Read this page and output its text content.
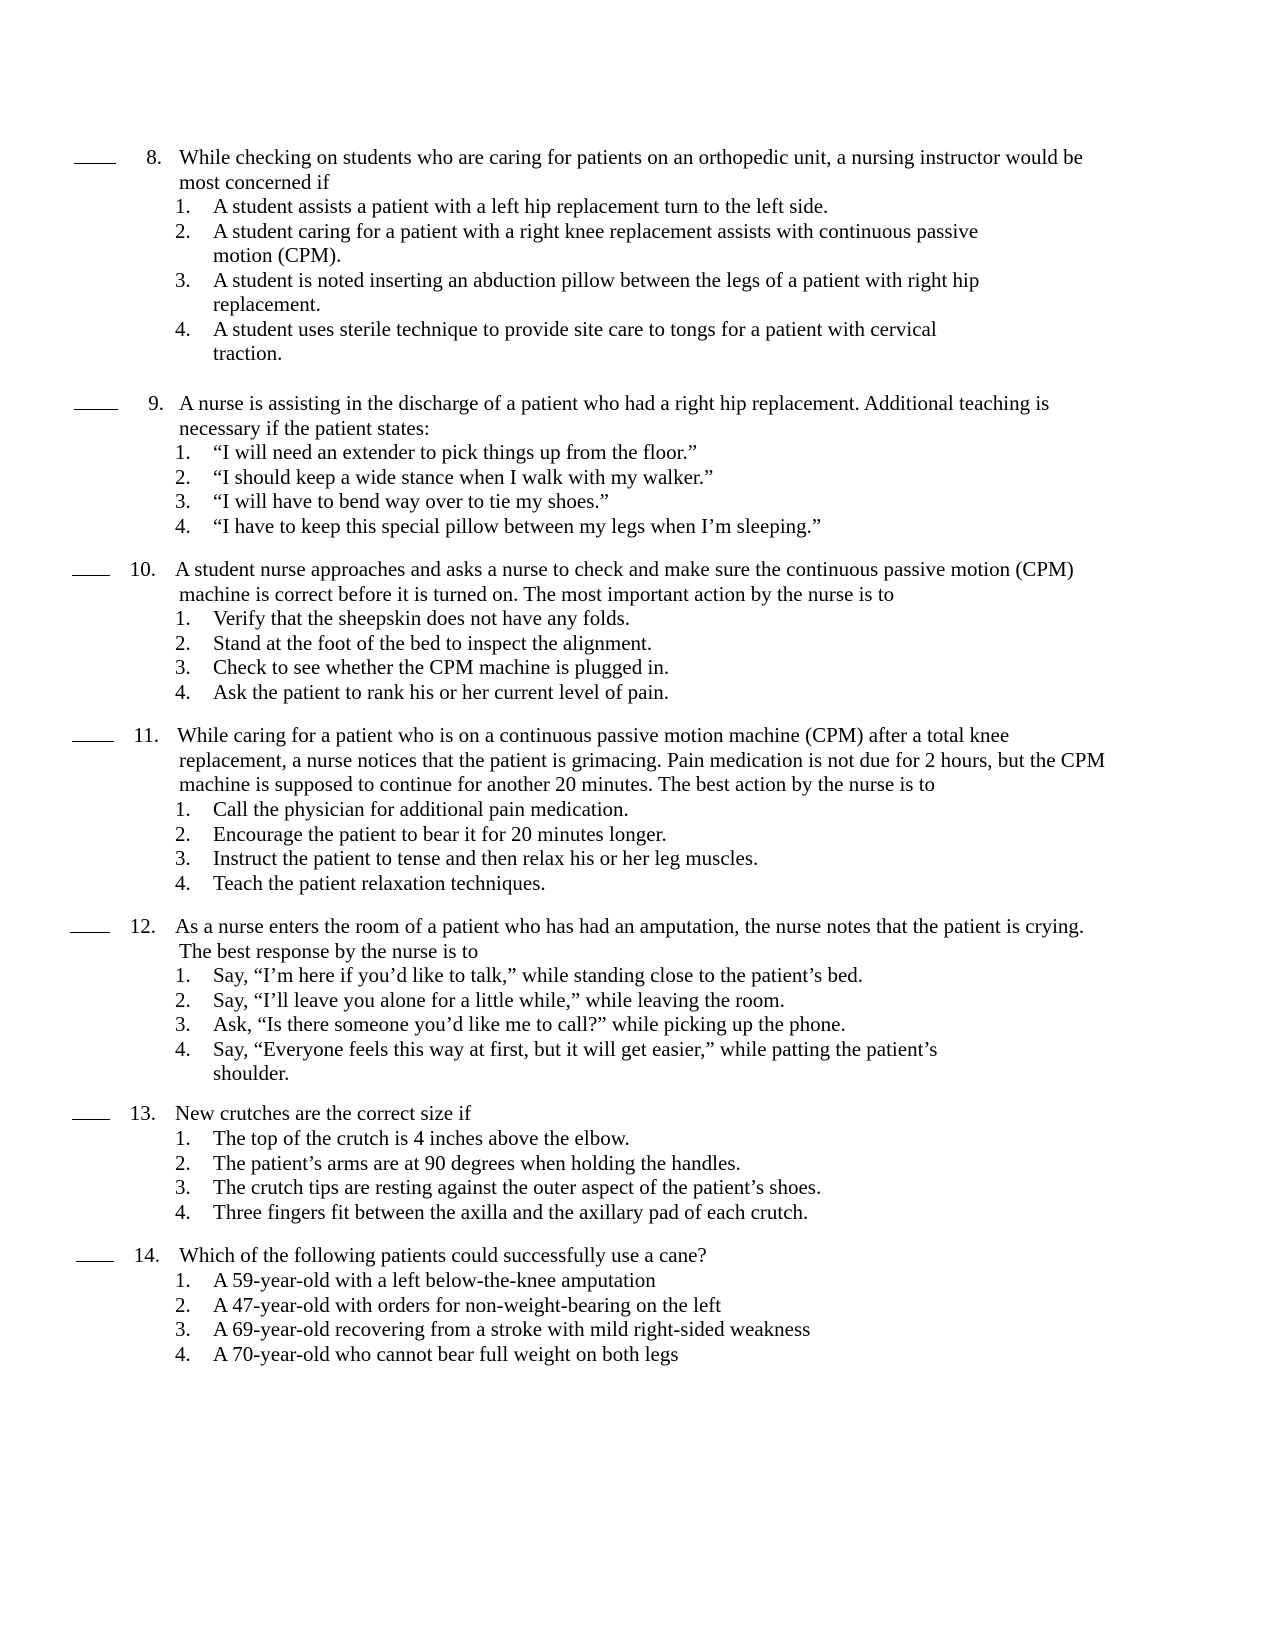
8. While checking on students who are caring for patients on an orthopedic unit, a nursing instructor would be
most concerned if
1. A student assists a patient with a left hip replacement turn to the left side.
2. A student caring for a patient with a right knee replacement assists with continuous passive
motion (CPM).
3. A student is noted inserting an abduction pillow between the legs of a patient with right hip
replacement.
4. A student uses sterile technique to provide site care to tongs for a patient with cervical
traction.
9. A nurse is assisting in the discharge of a patient who had a right hip replacement. Additional teaching is
necessary if the patient states:
1. “I will need an extender to pick things up from the floor.”
2. “I should keep a wide stance when I walk with my walker.”
3. “I will have to bend way over to tie my shoes.”
4. “I have to keep this special pillow between my legs when I’m sleeping.”
10. A student nurse approaches and asks a nurse to check and make sure the continuous passive motion (CPM)
machine is correct before it is turned on. The most important action by the nurse is to
1. Verify that the sheepskin does not have any folds.
2. Stand at the foot of the bed to inspect the alignment.
3. Check to see whether the CPM machine is plugged in.
4. Ask the patient to rank his or her current level of pain.
11. While caring for a patient who is on a continuous passive motion machine (CPM) after a total knee
replacement, a nurse notices that the patient is grimacing. Pain medication is not due for 2 hours, but the CPM
machine is supposed to continue for another 20 minutes. The best action by the nurse is to
1. Call the physician for additional pain medication.
2. Encourage the patient to bear it for 20 minutes longer.
3. Instruct the patient to tense and then relax his or her leg muscles.
4. Teach the patient relaxation techniques.
12. As a nurse enters the room of a patient who has had an amputation, the nurse notes that the patient is crying.
The best response by the nurse is to
1. Say, “I’m here if you’d like to talk,” while standing close to the patient’s bed.
2. Say, “I’ll leave you alone for a little while,” while leaving the room.
3. Ask, “Is there someone you’d like me to call?” while picking up the phone.
4. Say, “Everyone feels this way at first, but it will get easier,” while patting the patient’s
shoulder.
13. New crutches are the correct size if
1. The top of the crutch is 4 inches above the elbow.
2. The patient’s arms are at 90 degrees when holding the handles.
3. The crutch tips are resting against the outer aspect of the patient’s shoes.
4. Three fingers fit between the axilla and the axillary pad of each crutch.
14. Which of the following patients could successfully use a cane?
1. A 59-year-old with a left below-the-knee amputation
2. A 47-year-old with orders for non-weight-bearing on the left
3. A 69-year-old recovering from a stroke with mild right-sided weakness
4. A 70-year-old who cannot bear full weight on both legs
